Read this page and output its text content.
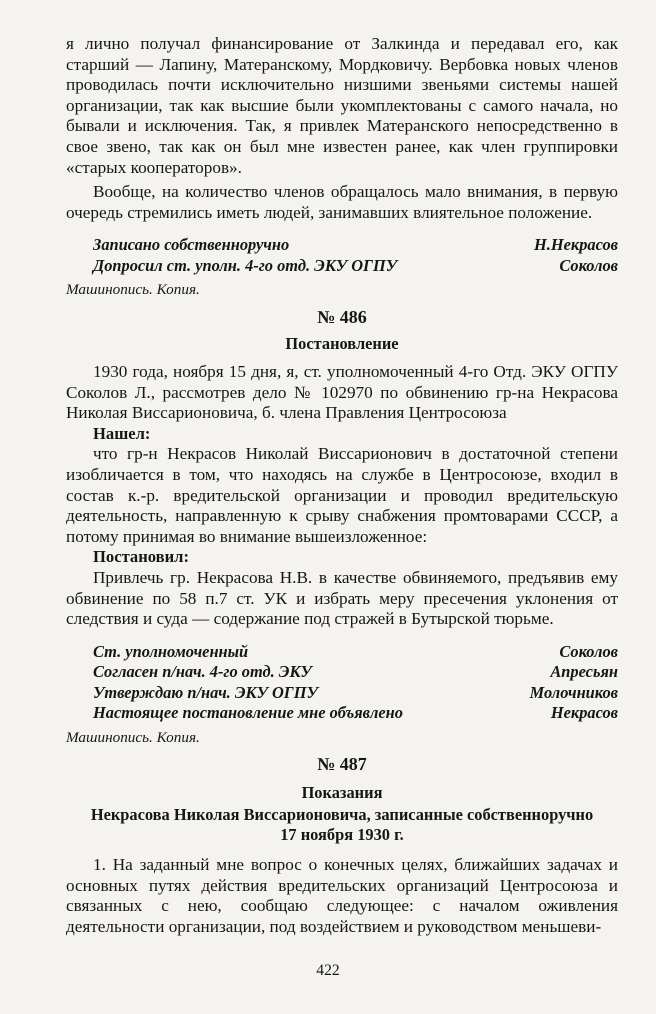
я лично получал финансирование от Залкинда и передавал его, как старший — Лапину, Матеранскому, Мордковичу. Вербовка новых членов проводилась почти исключительно низшими звеньями системы нашей организации, так как высшие были укомплектованы с самого начала, но бывали и исключения. Так, я привлек Матеранского непосредственно в свое звено, так как он был мне известен ранее, как член группировки «старых кооператоров».

Вообще, на количество членов обращалось мало внимания, в первую очередь стремились иметь людей, занимавших влиятельное положение.

Записано собственноручно	Н.Некрасов
Допросил ст. уполн. 4-го отд. ЭКУ ОГПУ	Соколов
Машинопись. Копия.
№ 486
Постановление

1930 года, ноября 15 дня, я, ст. уполномоченный 4-го Отд. ЭКУ ОГПУ Соколов Л., рассмотрев дело № 102970 по обвинению гр-на Некрасова Николая Виссарионовича, б. члена Правления Центросоюза

Нашел:

что гр-н Некрасов Николай Виссарионович в достаточной степени изобличается в том, что находясь на службе в Центросоюзе, входил в состав к.-р. вредительской организации и проводил вредительскую деятельность, направленную к срыву снабжения промтоварами СССР, а потому принимая во внимание вышеизложенное:

Постановил:

Привлечь гр. Некрасова Н.В. в качестве обвиняемого, предъявив ему обвинение по 58 п.7 ст. УК и избрать меру пресечения уклонения от следствия и суда — содержание под стражей в Бутырской тюрьме.

Ст. уполномоченный	Соколов
Согласен п/нач. 4-го отд. ЭКУ	Апресьян
Утверждаю п/нач. ЭКУ ОГПУ	Молочников
Настоящее постановление мне объявлено	Некрасов
Машинопись. Копия.
№ 487
Показания
Некрасова Николая Виссарионовича, записанные собственноручно
17 ноября 1930 г.

1. На заданный мне вопрос о конечных целях, ближайших задачах и основных путях действия вредительских организаций Центросоюза и связанных с нею, сообщаю следующее: с началом оживления деятельности организации, под воздействием и руководством меньшеви-

422
